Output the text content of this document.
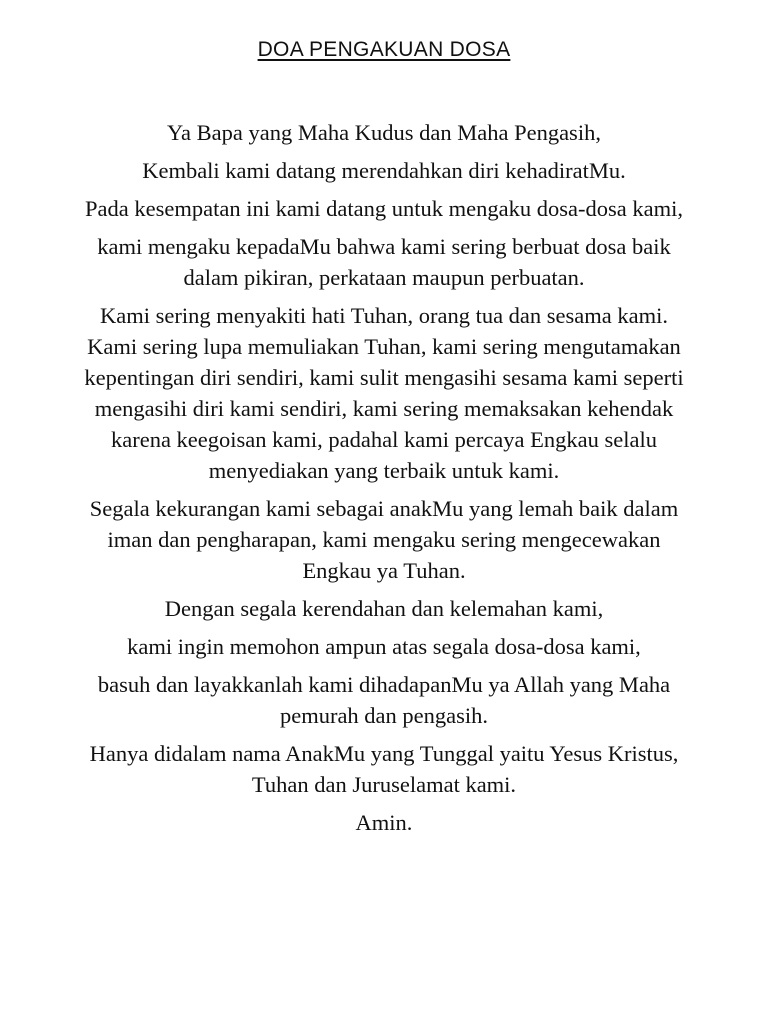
DOA PENGAKUAN DOSA

Ya Bapa yang Maha Kudus dan Maha Pengasih,

Kembali kami datang merendahkan diri kehadiratMu.

Pada kesempatan ini kami datang untuk mengaku dosa-dosa kami,

kami mengaku kepadaMu bahwa kami sering berbuat dosa baik
dalam pikiran, perkataan maupun perbuatan.

Kami sering menyakiti hati Tuhan, orang tua dan sesama kami.
Kami sering lupa memuliakan Tuhan, kami sering mengutamakan
kepentingan diri sendiri, kami sulit mengasihi sesama kami seperti
mengasihi diri kami sendiri, kami sering memaksakan kehendak
karena keegoisan kami, padahal kami percaya Engkau selalu
menyediakan yang terbaik untuk kami.

Segala kekurangan kami sebagai anakMu yang lemah baik dalam
iman dan pengharapan, kami mengaku sering mengecewakan
Engkau ya Tuhan.

Dengan segala kerendahan dan kelemahan kami,

kami ingin memohon ampun atas segala dosa-dosa kami,

basuh dan layakkanlah kami dihadapanMu ya Allah yang Maha
pemurah dan pengasih.

Hanya didalam nama AnakMu yang Tunggal yaitu Yesus Kristus,
Tuhan dan Juruselamat kami.

Amin.
